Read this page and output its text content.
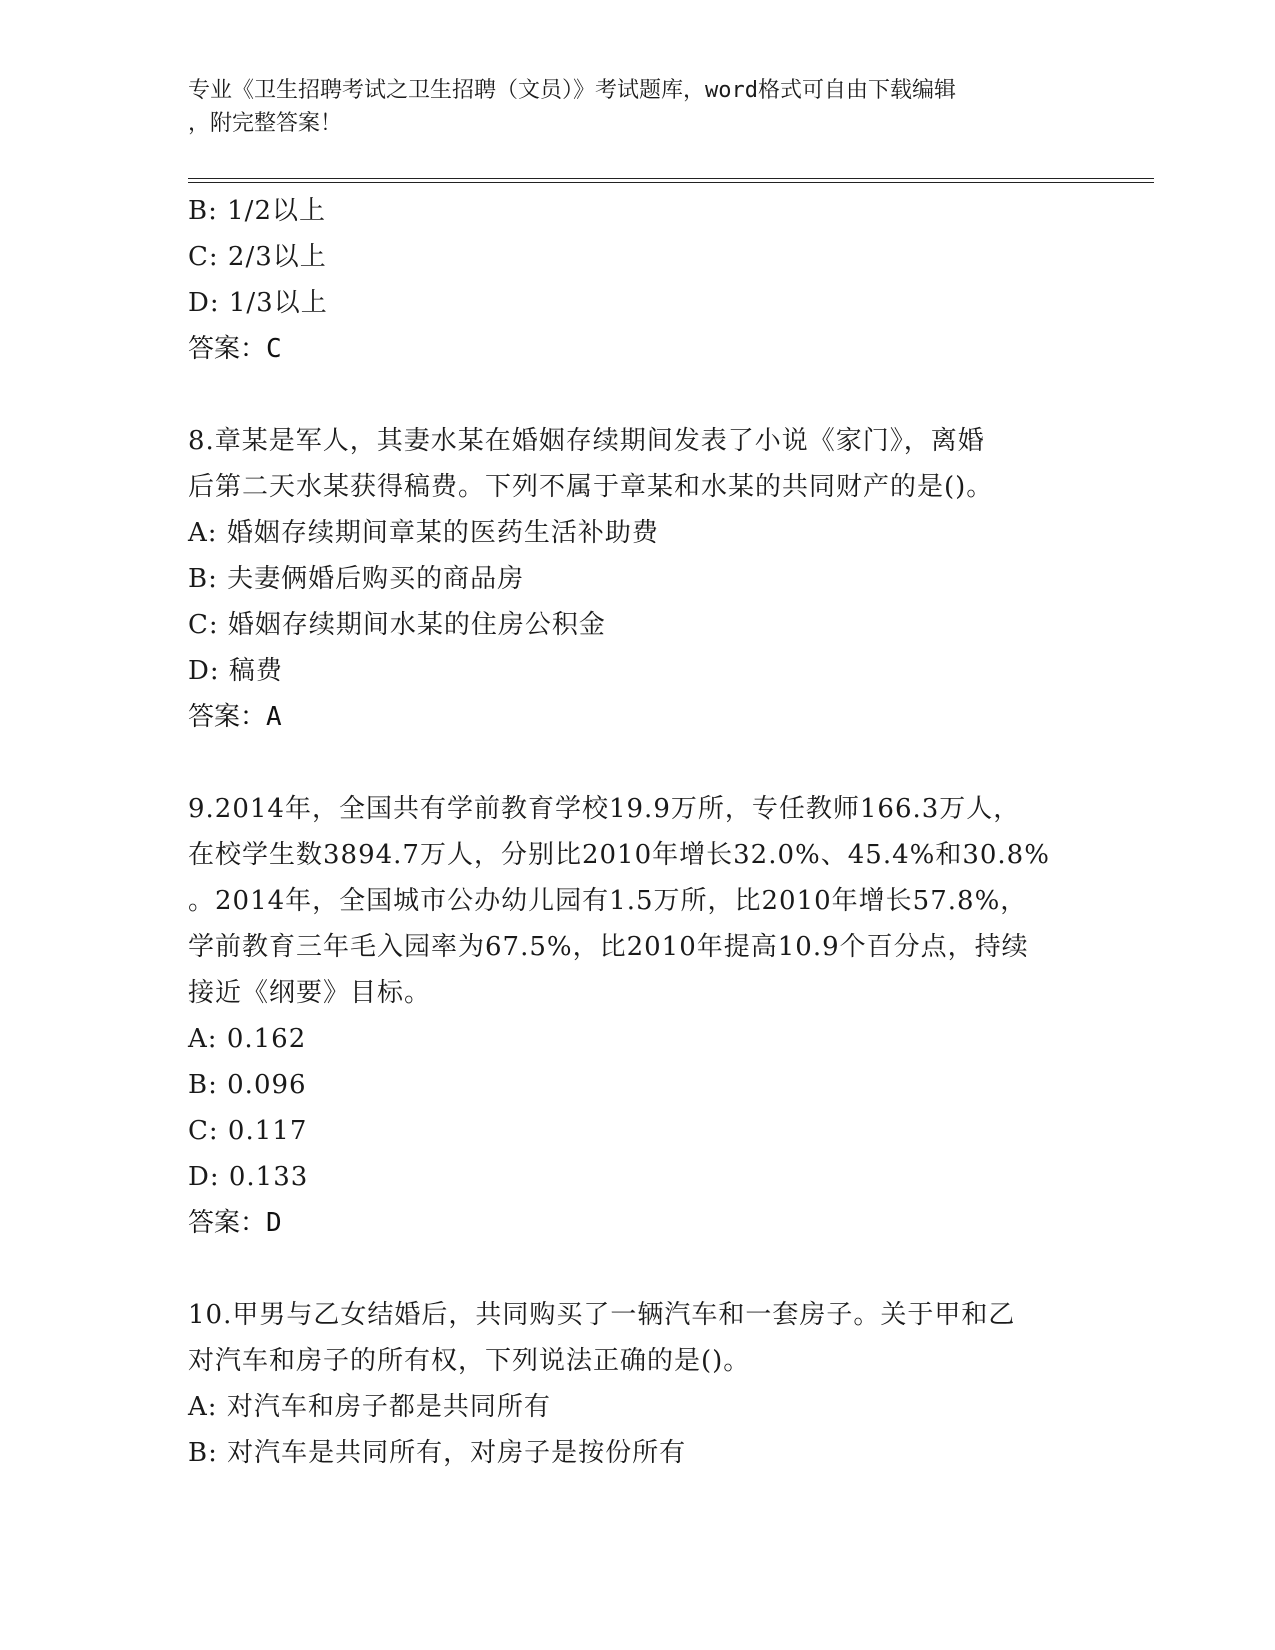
专业《卫生招聘考试之卫生招聘（文员）》考试题库，word格式可自由下载编辑
，附完整答案！
B: 1/2以上
C: 2/3以上
D: 1/3以上
答案：C
8.章某是军人，其妻水某在婚姻存续期间发表了小说《家门》，离婚
后第二天水某获得稿费。下列不属于章某和水某的共同财产的是()。
A: 婚姻存续期间章某的医药生活补助费
B: 夫妻俩婚后购买的商品房
C: 婚姻存续期间水某的住房公积金
D: 稿费
答案：A
9.2014年，全国共有学前教育学校19.9万所，专任教师166.3万人，
在校学生数3894.7万人，分别比2010年增长32.0%、45.4%和30.8%
。2014年，全国城市公办幼儿园有1.5万所，比2010年增长57.8%，
学前教育三年毛入园率为67.5%，比2010年提高10.9个百分点，持续
接近《纲要》目标。
A: 0.162
B: 0.096
C: 0.117
D: 0.133
答案：D
10.甲男与乙女结婚后，共同购买了一辆汽车和一套房子。关于甲和乙
对汽车和房子的所有权，下列说法正确的是()。
A: 对汽车和房子都是共同所有
B: 对汽车是共同所有，对房子是按份所有
